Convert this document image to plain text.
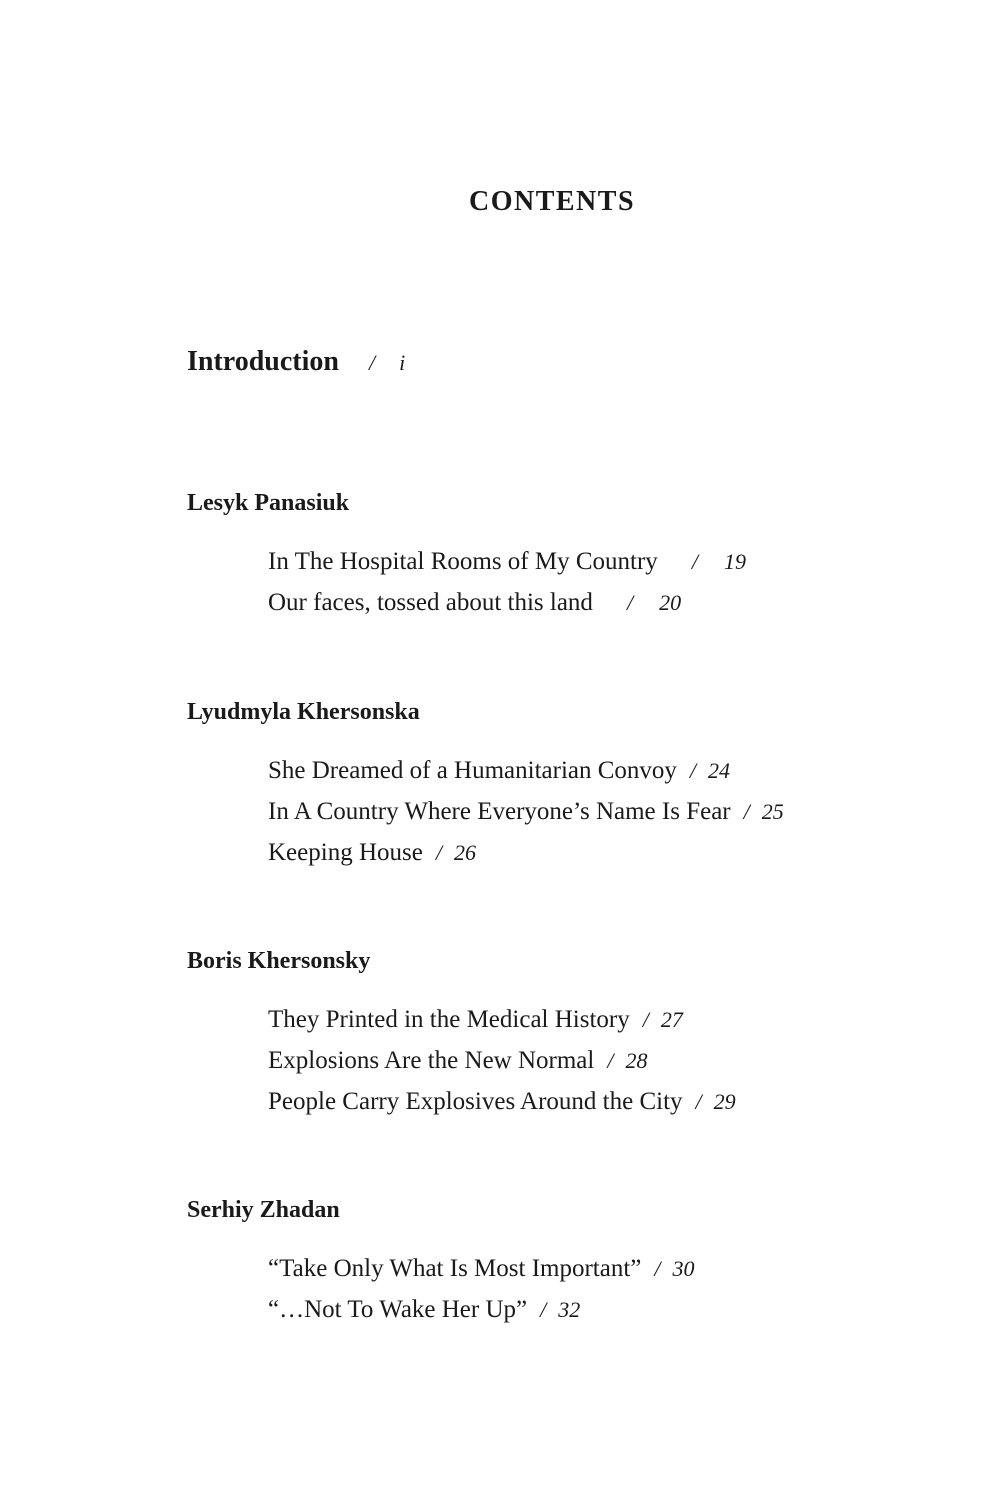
CONTENTS
Introduction / i
Lesyk Panasiuk
In The Hospital Rooms of My Country / 19
Our faces, tossed about this land / 20
Lyudmyla Khersonska
She Dreamed of a Humanitarian Convoy / 24
In A Country Where Everyone’s Name Is Fear / 25
Keeping House / 26
Boris Khersonsky
They Printed in the Medical History / 27
Explosions Are the New Normal / 28
People Carry Explosives Around the City / 29
Serhiy Zhadan
“Take Only What Is Most Important” / 30
“…Not To Wake Her Up” / 32
